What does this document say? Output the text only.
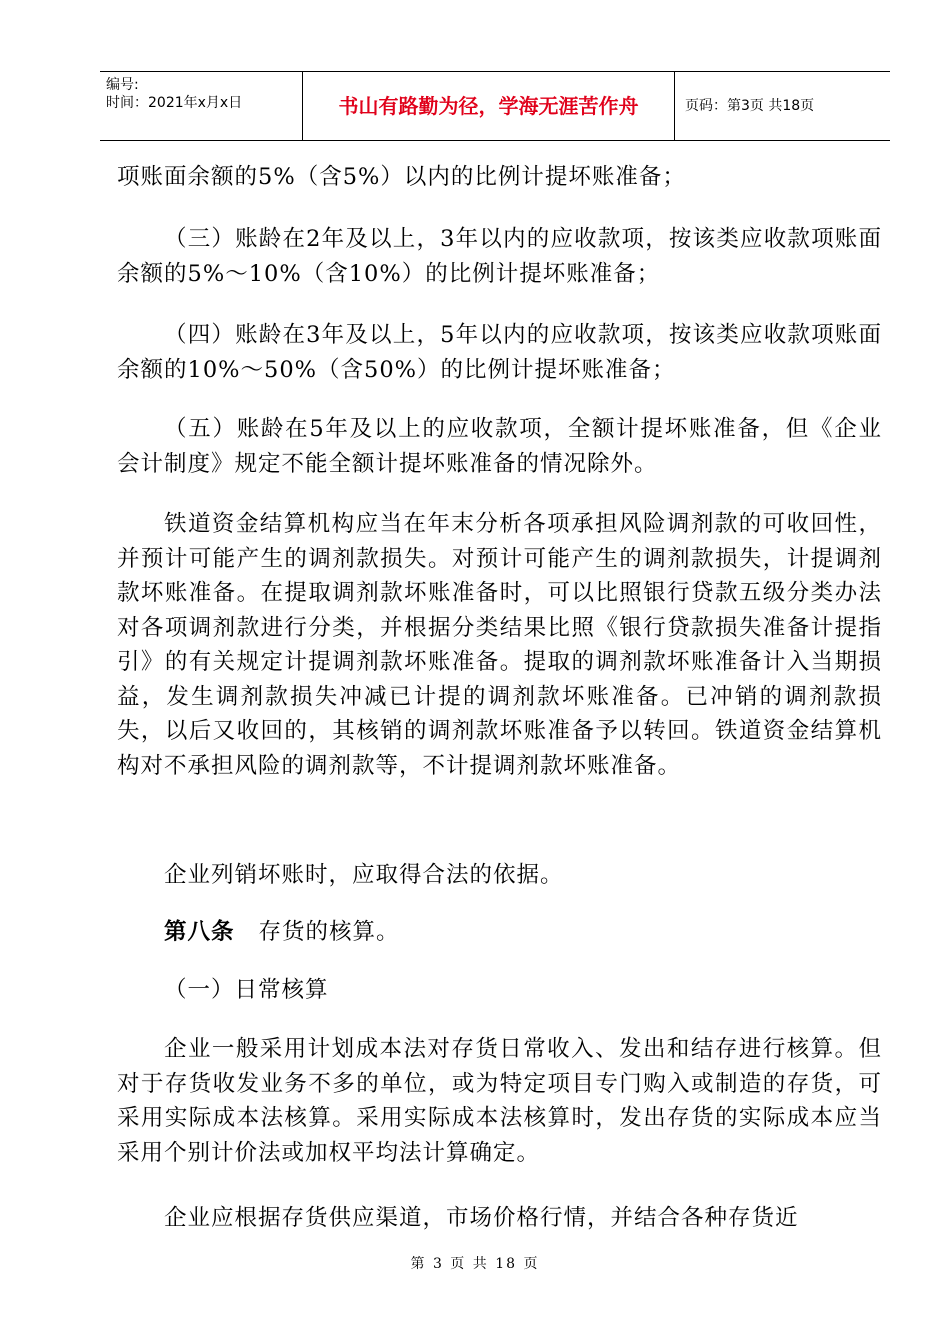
编号:
时间：2021年x月x日	书山有路勤为径，学海无涯苦作舟	页码：第3页 共18页

项账面余额的5%（含5%）以内的比例计提坏账准备；

（三）账龄在2年及以上，3年以内的应收款项，按该类应收款项账面余额的5%～10%（含10%）的比例计提坏账准备；

（四）账龄在3年及以上，5年以内的应收款项，按该类应收款项账面余额的10%～50%（含50%）的比例计提坏账准备；

（五）账龄在5年及以上的应收款项，全额计提坏账准备，但《企业会计制度》规定不能全额计提坏账准备的情况除外。

铁道资金结算机构应当在年末分析各项承担风险调剂款的可收回性，并预计可能产生的调剂款损失。对预计可能产生的调剂款损失，计提调剂款坏账准备。在提取调剂款坏账准备时，可以比照银行贷款五级分类办法对各项调剂款进行分类，并根据分类结果比照《银行贷款损失准备计提指引》的有关规定计提调剂款坏账准备。提取的调剂款坏账准备计入当期损益，发生调剂款损失冲减已计提的调剂款坏账准备。已冲销的调剂款损失，以后又收回的，其核销的调剂款坏账准备予以转回。铁道资金结算机构对不承担风险的调剂款等，不计提调剂款坏账准备。

企业列销坏账时，应取得合法的依据。

第八条 存货的核算。
（一）日常核算

企业一般采用计划成本法对存货日常收入、发出和结存进行核算。但对于存货收发业务不多的单位，或为特定项目专门购入或制造的存货，可采用实际成本法核算。采用实际成本法核算时，发出存货的实际成本应当采用个别计价法或加权平均法计算确定。

企业应根据存货供应渠道，市场价格行情，并结合各种存货近

第 3 页 共 18 页
